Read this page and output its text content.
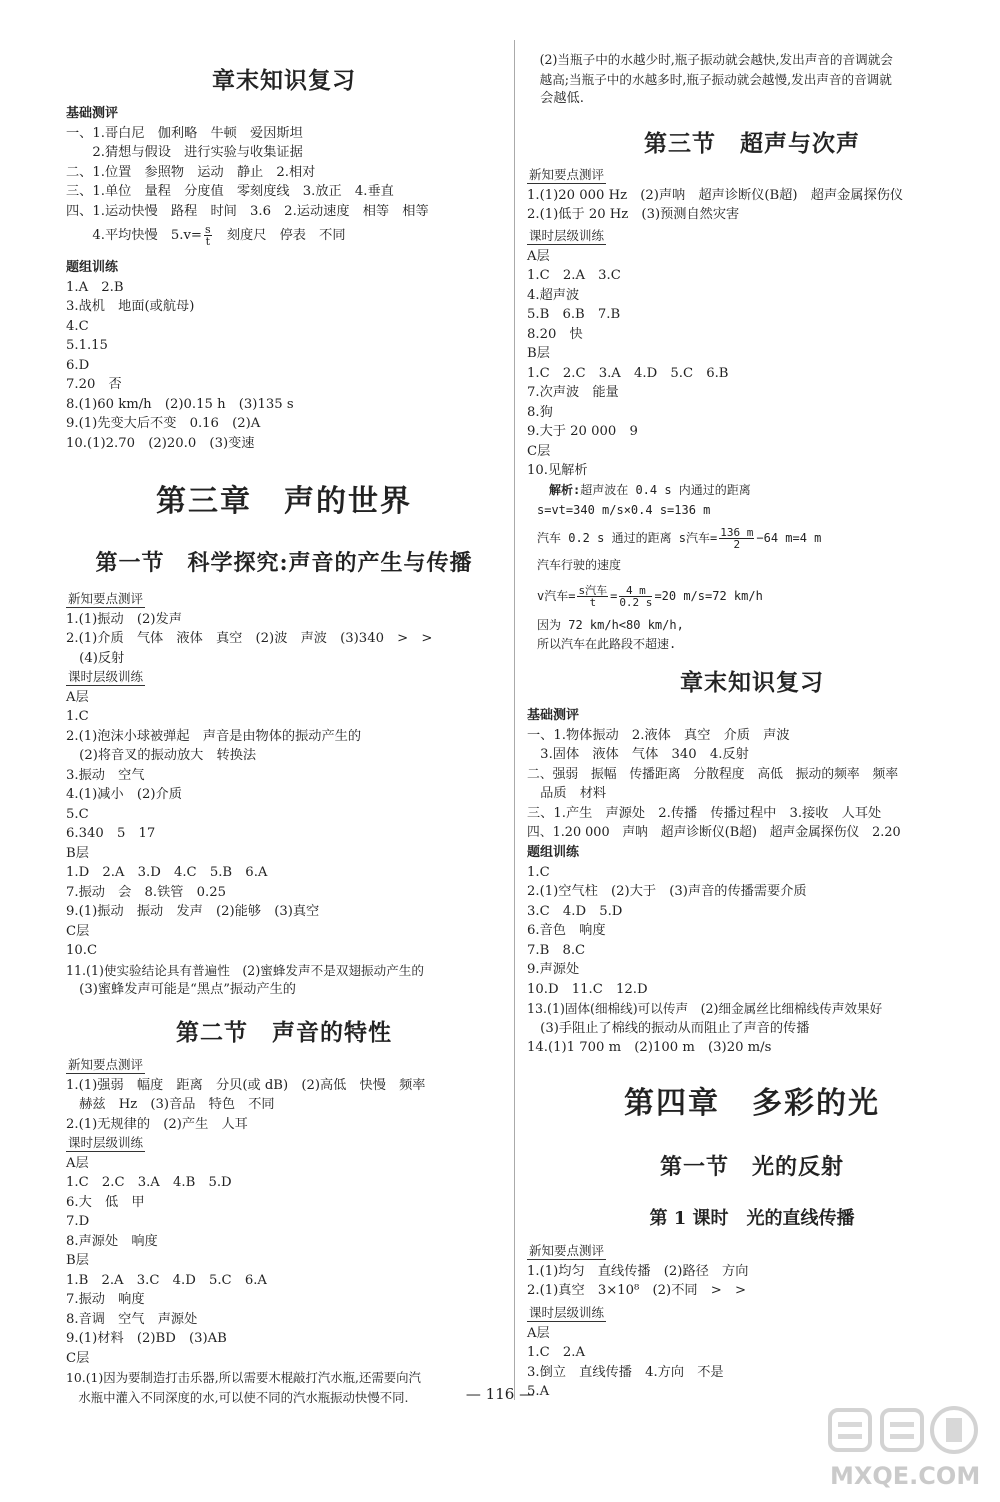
章末知识复习
基础测评
一、1.哥白尼　伽利略　牛顿　爱因斯坦
　　2.猜想与假设　进行实验与收集证据
二、1.位置　参照物　运动　静止　2.相对
三、1.单位　量程　分度值　零刻度线　3.放正　4.垂直
四、1.运动快慢　路程　时间　3.6　2.运动速度　相等　相等
　　4.平均快慢　$5.v= \frac{s}{t}$ 　刻度尺　停表　不同
题组训练
1.A　2.B
3.战机　地面(或航母)
4.C
5.1.15
6.D
7.20　否
8.(1)60 km/h　(2)0.15 h　(3)135 s
9.(1)先变大后不变　0.16　(2)A
10.(1)2.70　(2)20.0　(3)变速
第三章　声的世界
第一节　科学探究:声音的产生与传播
新知要点测评
1.(1)振动　(2)发声
2.(1)介质　气体　液体　真空　(2)波　声波　(3)340　>　>
　(4)反射
课时层级训练
A层
1.C
2.(1)泡沫小球被弹起　声音是由物体的振动产生的
　(2)将音叉的振动放大　转换法
3.振动　空气
4.(1)减小　(2)介质
5.C
6.340　5　17
B层
1.D　2.A　3.D　4.C　5.B　6.A
7.振动　会　8.铁管　0.25
9.(1)振动　振动　发声　(2)能够　(3)真空
C层
10.C
11.(1)使实验结论具有普遍性　(2)蜜蜂发声不是双翅振动产生的
　(3)蜜蜂发声可能是“黑点”振动产生的
第二节　声音的特性
新知要点测评
1.(1)强弱　幅度　距离　分贝(或 dB)　(2)高低　快慢　频率
　赫兹　Hz　(3)音品　特色　不同
2.(1)无规律的　(2)产生　人耳
课时层级训练
A层
1.C　2.C　3.A　4.B　5.D
6.大　低　甲
7.D
8.声源处　响度
B层
1.B　2.A　3.C　4.D　5.C　6.A
7.振动　响度
8.音调　空气　声源处
9.(1)材料　(2)BD　(3)AB
C层
10.(1)因为要制造打击乐器,所以需要木棍敲打汽水瓶,还需要向汽
　水瓶中灌入不同深度的水,可以使不同的汽水瓶振动快慢不同.
　(2)当瓶子中的水越少时,瓶子振动就会越快,发出声音的音调就会
　越高;当瓶子中的水越多时,瓶子振动就会越慢,发出声音的音调就
　会越低.
第三节　超声与次声
新知要点测评
1.(1)20 000 Hz　(2)声呐　超声诊断仪(B超)　超声金属探伤仪
2.(1)低于 20 Hz　(3)预测自然灾害
课时层级训练
A层
1.C　2.A　3.C
4.超声波
5.B　6.B　7.B
8.20　快
B层
1.C　2.C　3.A　4.D　5.C　6.B
7.次声波　能量
8.狗
9.大于 20 000　9
C层
10.见解析
解析:超声波在 0.4 s 内通过的距离
s=vt=340 m/s×0.4 s=136 m
汽车 0.2 s 通过的距离 s汽车= $\frac{136 m}{2} -64$ m=4 m
汽车行驶的速度
v汽车= $\frac{\text{s汽车}}{t} = \frac{4 m}{0.2 s} =20$ m/s=72 km/h
因为 72 km/h<80 km/h,
所以汽车在此路段不超速.
章末知识复习
基础测评
一、1.物体振动　2.液体　真空　介质　声波
　3.固体　液体　气体　340　4.反射
二、强弱　振幅　传播距离　分散程度　高低　振动的频率　频率
　品质　材料
三、1.产生　声源处　2.传播　传播过程中　3.接收　人耳处
四、1.20 000　声呐　超声诊断仪(B超)　超声金属探伤仪　2.20
题组训练
1.C
2.(1)空气柱　(2)大于　(3)声音的传播需要介质
3.C　4.D　5.D
6.音色　响度
7.B　8.C
9.声源处
10.D　11.C　12.D
13.(1)固体(细棉线)可以传声　(2)细金属丝比细棉线传声效果好
　(3)手阻止了棉线的振动从而阻止了声音的传播
14.(1)1 700 m　(2)100 m　(3)20 m/s
第四章　多彩的光
第一节　光的反射
第 1 课时　光的直线传播
新知要点测评
1.(1)均匀　直线传播　(2)路径　方向
2.(1)真空　3×10⁸　(2)不同　>　>
课时层级训练
A层
1.C　2.A
3.倒立　直线传播　4.方向　不是
5.A
— 116 —
MXQE.COM
